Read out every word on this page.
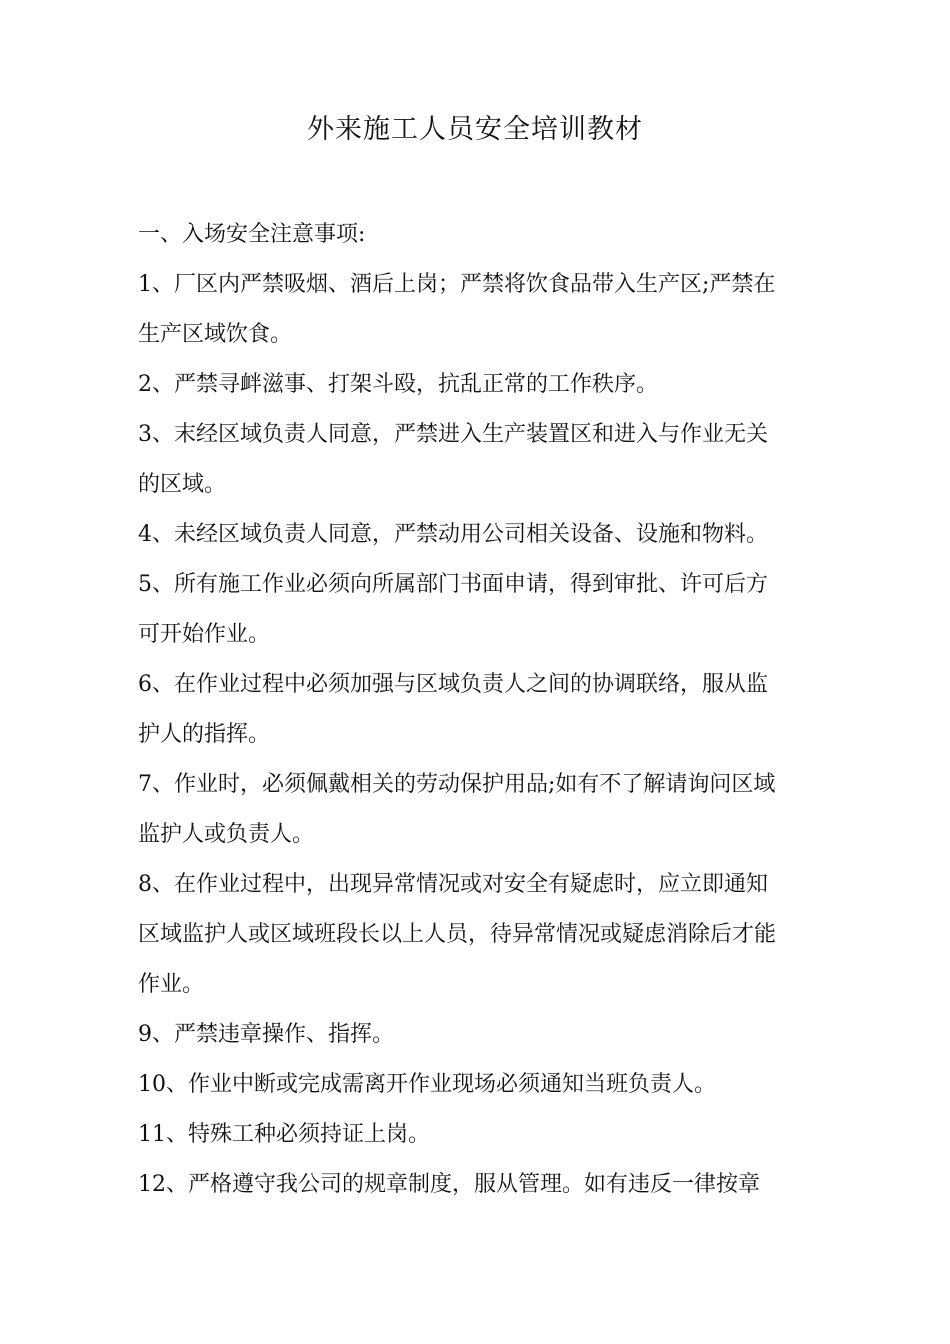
外来施工人员安全培训教材
一、入场安全注意事项:
1、厂区内严禁吸烟、酒后上岗；严禁将饮食品带入生产区;严禁在
生产区域饮食。
2、严禁寻衅滋事、打架斗殴，抗乱正常的工作秩序。
3、末经区域负责人同意，严禁进入生产装置区和进入与作业无关
的区域。
4、未经区域负责人同意，严禁动用公司相关设备、设施和物料。
5、所有施工作业必须向所属部门书面申请，得到审批、许可后方
可开始作业。
6、在作业过程中必须加强与区域负责人之间的协调联络，服从监
护人的指挥。
7、作业时，必须佩戴相关的劳动保护用品;如有不了解请询问区域
监护人或负责人。
8、在作业过程中，出现异常情况或对安全有疑虑时，应立即通知
区域监护人或区域班段长以上人员，待异常情况或疑虑消除后才能
作业。
9、严禁违章操作、指挥。
10、作业中断或完成需离开作业现场必须通知当班负责人。
11、特殊工种必须持证上岗。
12、严格遵守我公司的规章制度，服从管理。如有违反一律按章
